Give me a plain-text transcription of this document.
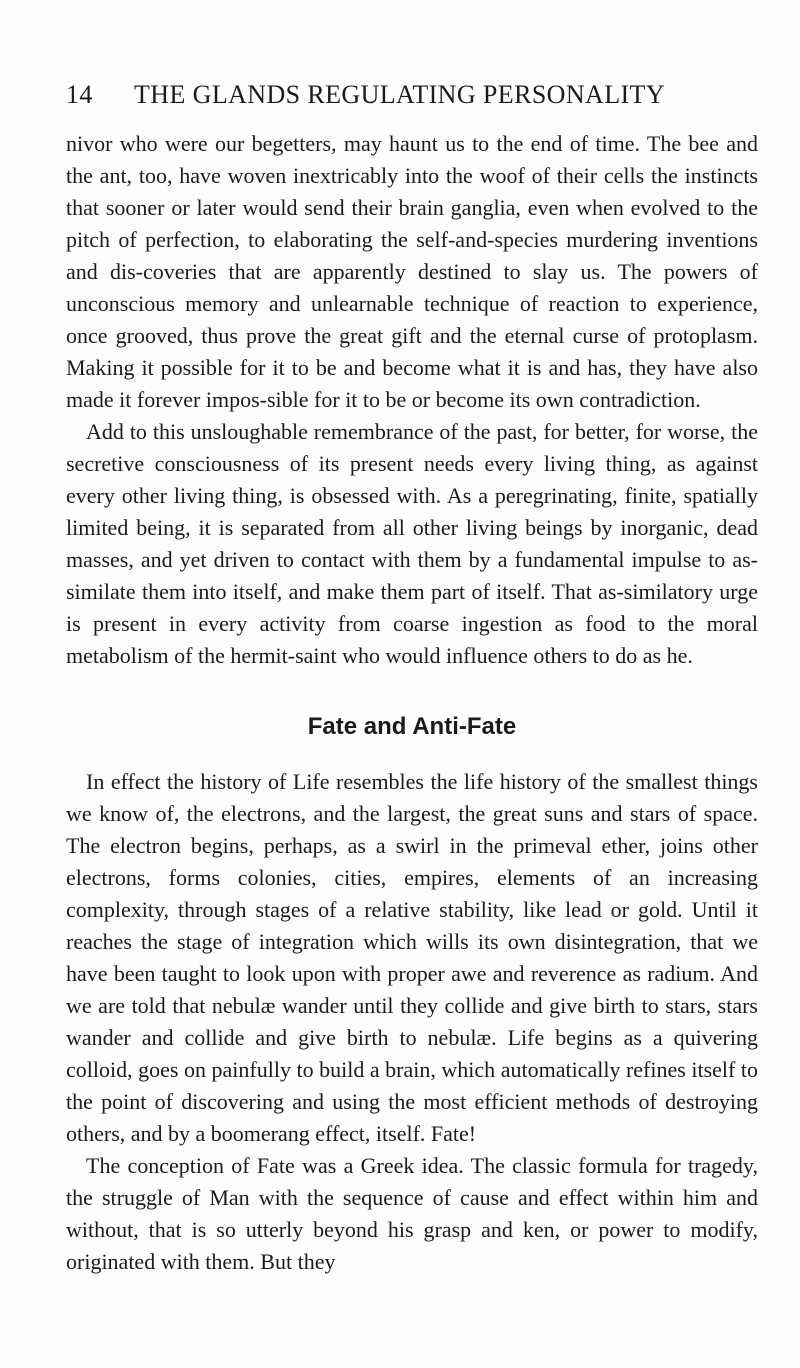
14	THE GLANDS REGULATING PERSONALITY

nivor who were our begetters, may haunt us to the end of time. The bee and the ant, too, have woven inextricably into the woof of their cells the instincts that sooner or later would send their brain ganglia, even when evolved to the pitch of perfection, to elaborating the self-and-species murdering inventions and dis-coveries that are apparently destined to slay us. The powers of unconscious memory and unlearnable technique of reaction to experience, once grooved, thus prove the great gift and the eternal curse of protoplasm. Making it possible for it to be and become what it is and has, they have also made it forever impos-sible for it to be or become its own contradiction.

Add to this unsloughable remembrance of the past, for better, for worse, the secretive consciousness of its present needs every living thing, as against every other living thing, is obsessed with. As a peregrinating, finite, spatially limited being, it is separated from all other living beings by inorganic, dead masses, and yet driven to contact with them by a fundamental impulse to as-similate them into itself, and make them part of itself. That as-similatory urge is present in every activity from coarse ingestion as food to the moral metabolism of the hermit-saint who would influence others to do as he.

Fate and Anti-Fate

In effect the history of Life resembles the life history of the smallest things we know of, the electrons, and the largest, the great suns and stars of space. The electron begins, perhaps, as a swirl in the primeval ether, joins other electrons, forms colonies, cities, empires, elements of an increasing complexity, through stages of a relative stability, like lead or gold. Until it reaches the stage of integration which wills its own disintegration, that we have been taught to look upon with proper awe and reverence as radium. And we are told that nebulæ wander until they collide and give birth to stars, stars wander and collide and give birth to nebulæ. Life begins as a quivering colloid, goes on painfully to build a brain, which automatically refines itself to the point of discovering and using the most efficient methods of destroying others, and by a boomerang effect, itself. Fate!

The conception of Fate was a Greek idea. The classic formula for tragedy, the struggle of Man with the sequence of cause and effect within him and without, that is so utterly beyond his grasp and ken, or power to modify, originated with them. But they
